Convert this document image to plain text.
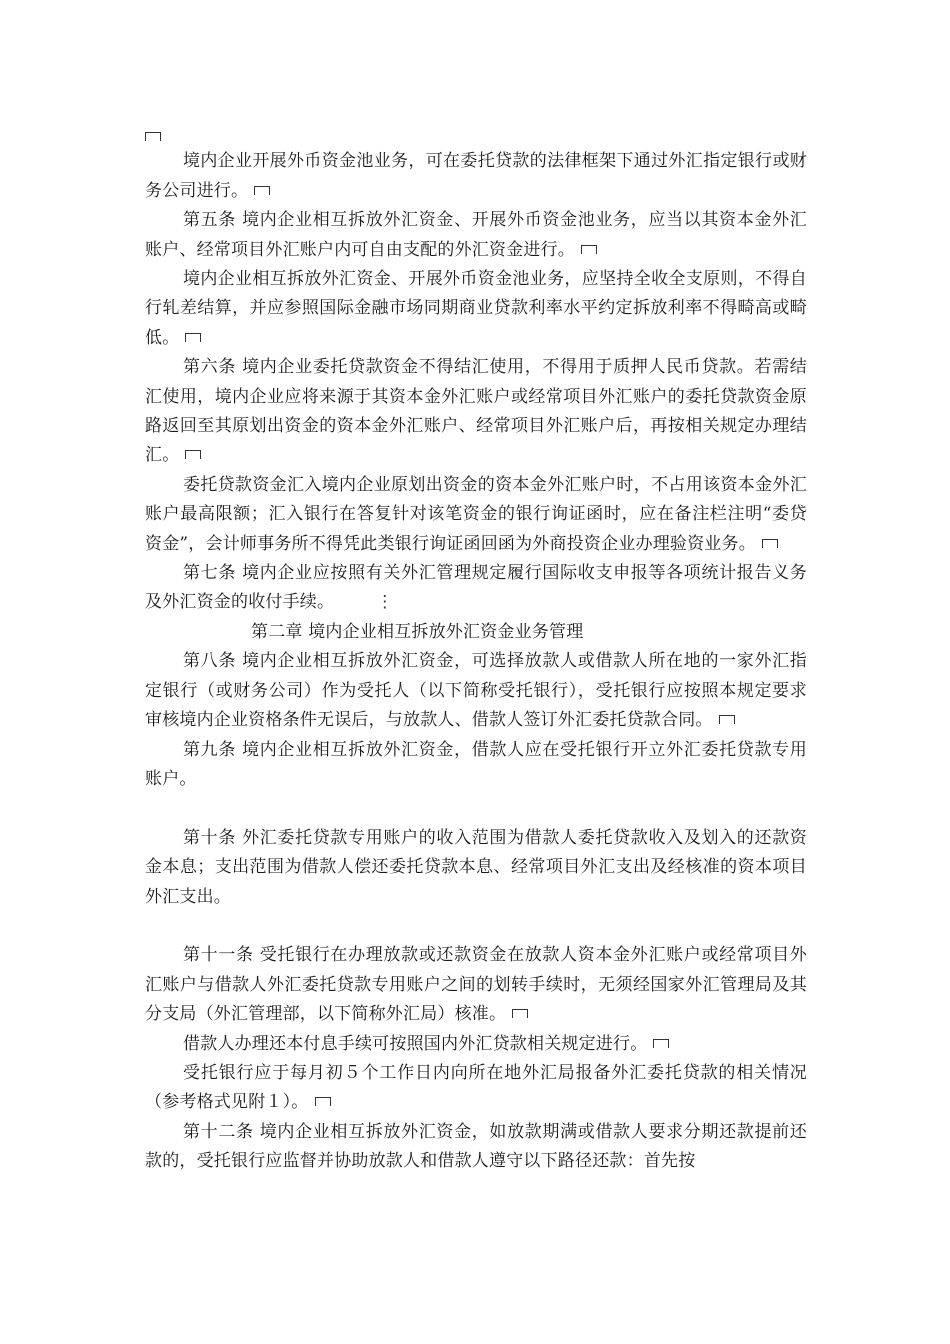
境内企业开展外币资金池业务，可在委托贷款的法律框架下通过外汇指定银行或财务公司进行。

第五条 境内企业相互拆放外汇资金、开展外币资金池业务，应当以其资本金外汇账户、经常项目外汇账户内可自由支配的外汇资金进行。

境内企业相互拆放外汇资金、开展外币资金池业务，应坚持全收全支原则，不得自行轧差结算，并应参照国际金融市场同期商业贷款利率水平约定拆放利率不得畸高或畸低。

第六条 境内企业委托贷款资金不得结汇使用，不得用于质押人民币贷款。若需结汇使用，境内企业应将来源于其资本金外汇账户或经常项目外汇账户的委托贷款资金原路返回至其原划出资金的资本金外汇账户、经常项目外汇账户后，再按相关规定办理结汇。

委托贷款资金汇入境内企业原划出资金的资本金外汇账户时，不占用该资本金外汇账户最高限额；汇入银行在答复针对该笔资金的银行询证函时，应在备注栏注明“委贷资金”，会计师事务所不得凭此类银行询证函回函为外商投资企业办理验资业务。

第七条 境内企业应按照有关外汇管理规定履行国际收支申报等各项统计报告义务及外汇资金的收付手续。 ⋮

第二章 境内企业相互拆放外汇资金业务管理

第八条 境内企业相互拆放外汇资金，可选择放款人或借款人所在地的一家外汇指定银行（或财务公司）作为受托人（以下简称受托银行），受托银行应按照本规定要求审核境内企业资格条件无误后，与放款人、借款人签订外汇委托贷款合同。

第九条 境内企业相互拆放外汇资金，借款人应在受托银行开立外汇委托贷款专用账户。

第十条 外汇委托贷款专用账户的收入范围为借款人委托贷款收入及划入的还款资金本息；支出范围为借款人偿还委托贷款本息、经常项目外汇支出及经核准的资本项目外汇支出。

第十一条 受托银行在办理放款或还款资金在放款人资本金外汇账户或经常项目外汇账户与借款人外汇委托贷款专用账户之间的划转手续时，无须经国家外汇管理局及其分支局（外汇管理部，以下简称外汇局）核准。

借款人办理还本付息手续可按照国内外汇贷款相关规定进行。

受托银行应于每月初５个工作日内向所在地外汇局报备外汇委托贷款的相关情况（参考格式见附１）。

第十二条 境内企业相互拆放外汇资金，如放款期满或借款人要求分期还款提前还款的，受托银行应监督并协助放款人和借款人遵守以下路径还款：首先按
